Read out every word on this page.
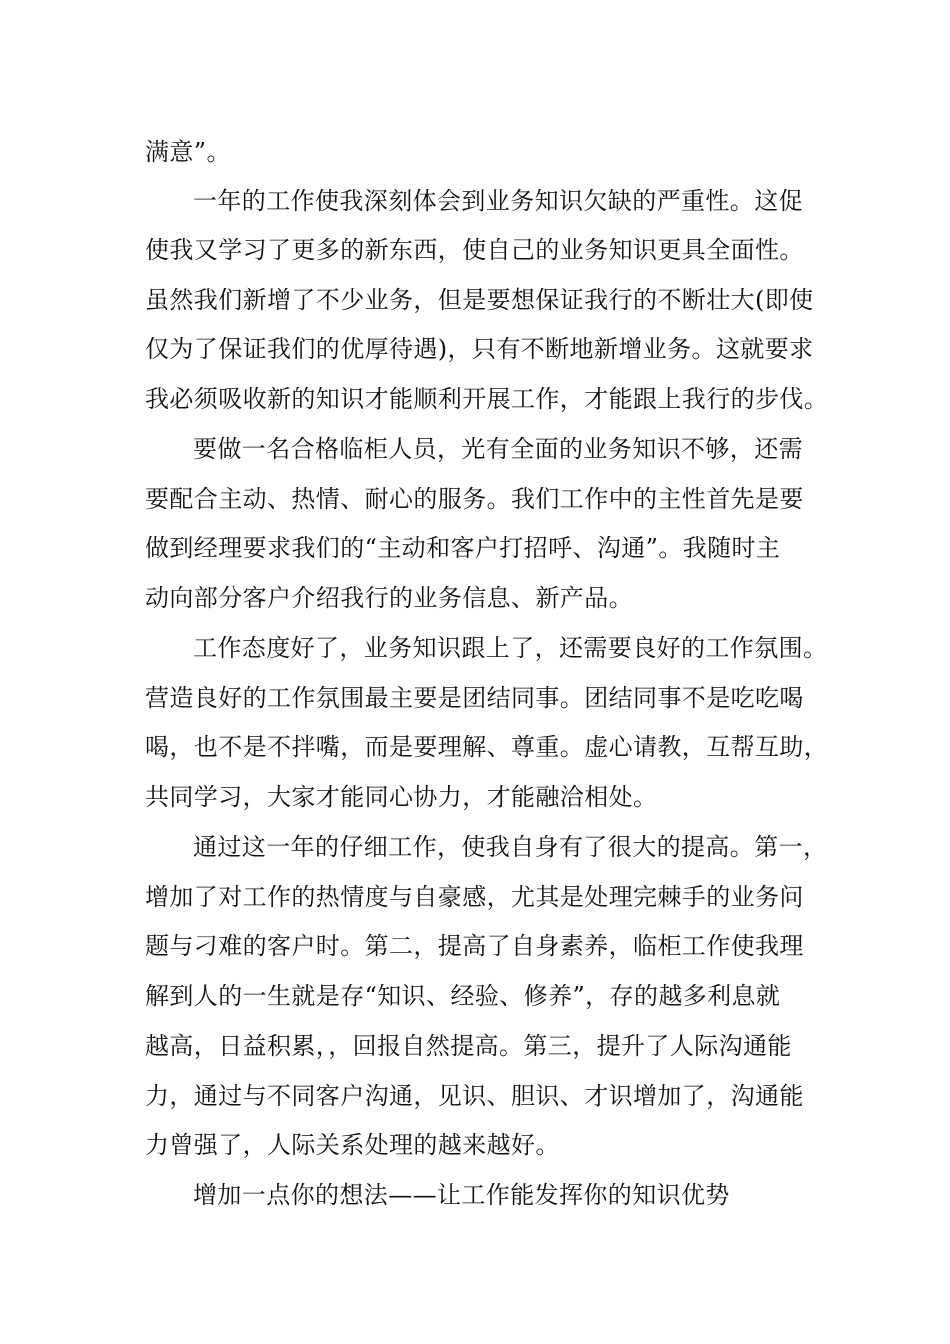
满意”。
一年的工作使我深刻体会到业务知识欠缺的严重性。这促
使我又学习了更多的新东西，使自己的业务知识更具全面性。
虽然我们新增了不少业务，但是要想保证我行的不断壮大(即使
仅为了保证我们的优厚待遇)，只有不断地新增业务。这就要求
我必须吸收新的知识才能顺利开展工作，才能跟上我行的步伐。
要做一名合格临柜人员，光有全面的业务知识不够，还需
要配合主动、热情、耐心的服务。我们工作中的主性首先是要
做到经理要求我们的“主动和客户打招呼、沟通”。我随时主
动向部分客户介绍我行的业务信息、新产品。
工作态度好了，业务知识跟上了，还需要良好的工作氛围。
营造良好的工作氛围最主要是团结同事。团结同事不是吃吃喝
喝，也不是不拌嘴，而是要理解、尊重。虚心请教，互帮互助，
共同学习，大家才能同心协力，才能融洽相处。
通过这一年的仔细工作，使我自身有了很大的提高。第一，
增加了对工作的热情度与自豪感，尤其是处理完棘手的业务问
题与刁难的客户时。第二，提高了自身素养，临柜工作使我理
解到人的一生就是存“知识、经验、修养”，存的越多利息就
越高，日益积累，，回报自然提高。第三，提升了人际沟通能
力，通过与不同客户沟通，见识、胆识、才识增加了，沟通能
力曾强了，人际关系处理的越来越好。
增加一点你的想法——让工作能发挥你的知识优势
